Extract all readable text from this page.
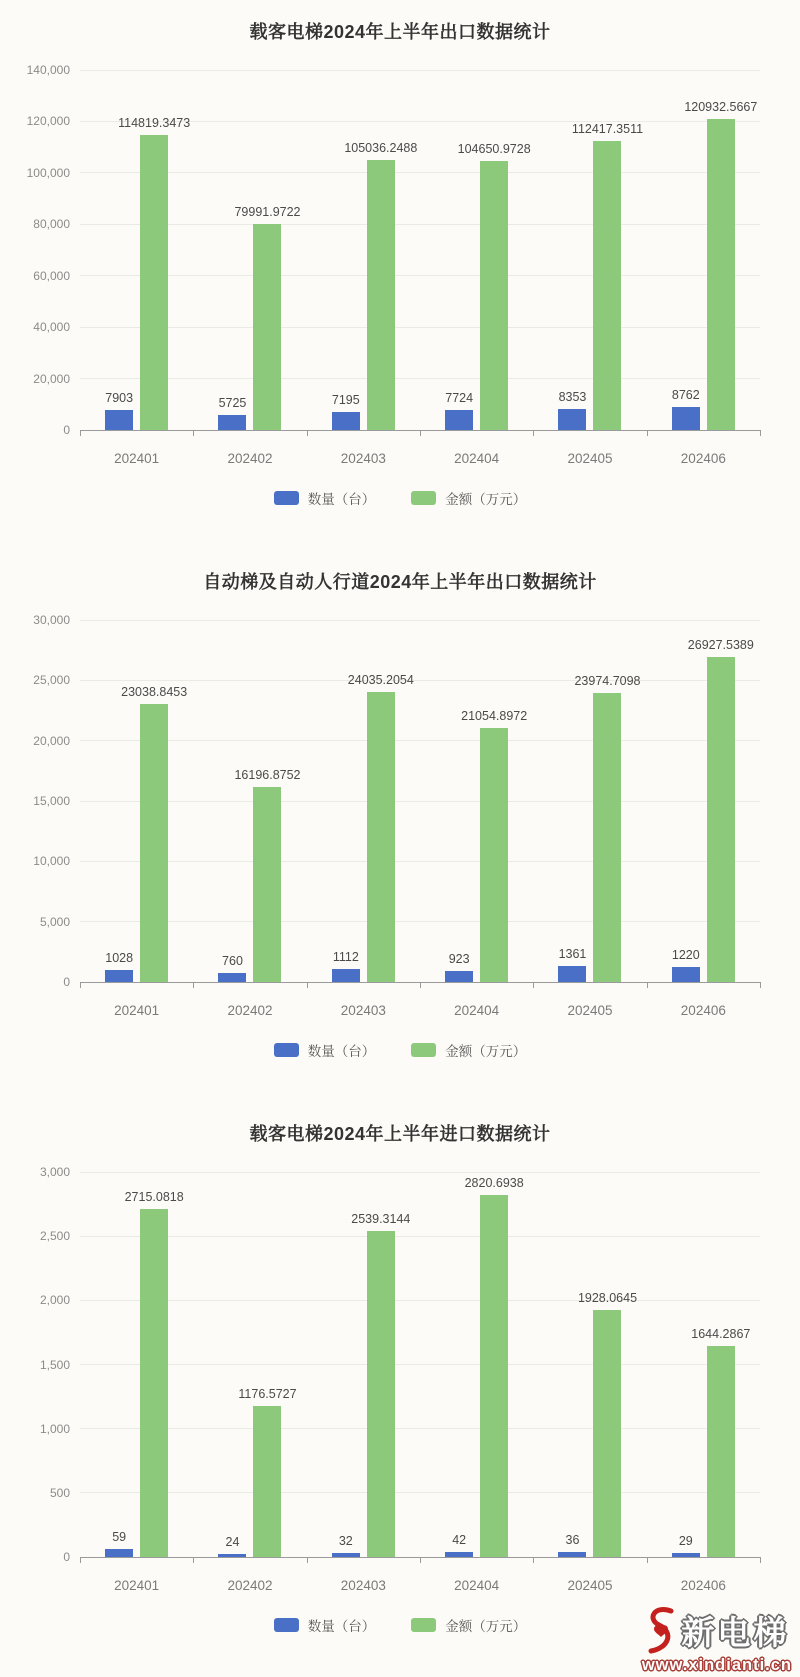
载客电梯2024年上半年出口数据统计
140,000
120,000
100,000
80,000
60,000
40,000
20,000
0
7903
114819.3473
5725
79991.9722
7195
105036.2488
7724
104650.9728
8353
112417.3511
8762
120932.5667
202401	202402	202403	202404	202405	202406
数量（台）	金额（万元）
自动梯及自动人行道2024年上半年出口数据统计
30,000
25,000
20,000
15,000
10,000
5,000
0
1028
23038.8453
760
16196.8752
1112
24035.2054
923
21054.8972
1361
23974.7098
1220
26927.5389
202401	202402	202403	202404	202405	202406
数量（台）	金额（万元）
载客电梯2024年上半年进口数据统计
3,000
2,500
2,000
1,500
1,000
500
0
59
2715.0818
24
1176.5727
32
2539.3144
42
2820.6938
36
1928.0645
29
1644.2867
202401	202402	202403	202404	202405	202406
数量（台）	金额（万元）	新电梯
www.xindianti.cn
